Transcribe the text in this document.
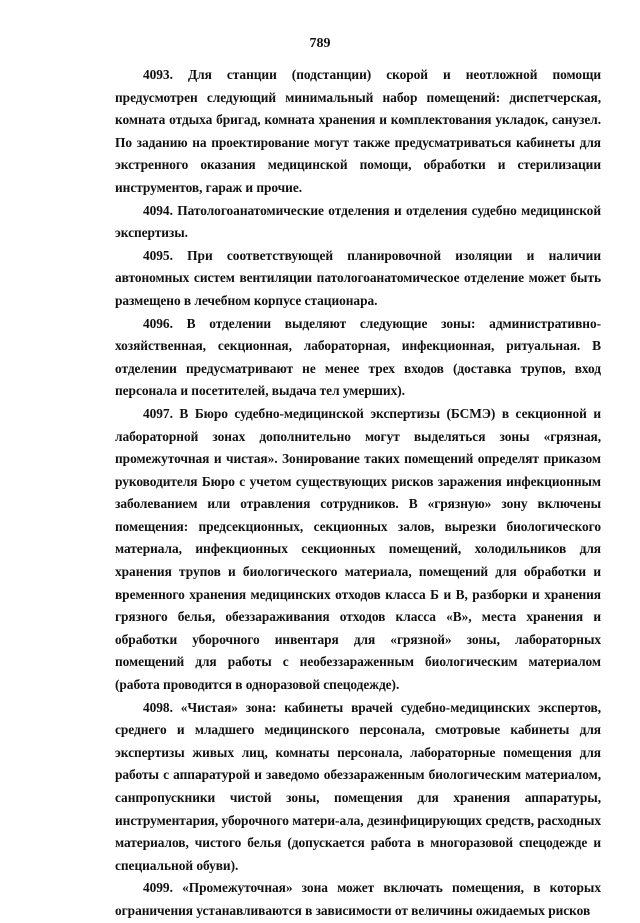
789

4093. Для станции (подстанции) скорой и неотложной помощи предусмотрен следующий минимальный набор помещений: диспетчерская, комната отдыха бригад, комната хранения и комплектования укладок, санузел. По заданию на проектирование могут также предусматриваться кабинеты для экстренного оказания медицинской помощи, обработки и стерилизации инструментов, гараж и прочие.

4094. Патологоанатомические отделения и отделения судебно медицинской экспертизы.

4095. При соответствующей планировочной изоляции и наличии автономных систем вентиляции патологоанатомическое отделение может быть размещено в лечебном корпусе стационара.

4096. В отделении выделяют следующие зоны: административно-хозяйственная, секционная, лабораторная, инфекционная, ритуальная. В отделении предусматривают не менее трех входов (доставка трупов, вход персонала и посетителей, выдача тел умерших).

4097. В Бюро судебно-медицинской экспертизы (БСМЭ) в секционной и лабораторной зонах дополнительно могут выделяться зоны «грязная, промежуточная и чистая». Зонирование таких помещений определят приказом руководителя Бюро с учетом существующих рисков заражения инфекционным заболеванием или отравления сотрудников. В «грязную» зону включены помещения: предсекционных, секционных залов, вырезки биологического материала, инфекционных секционных помещений, холодильников для хранения трупов и биологического материала, помещений для обработки и временного хранения медицинских отходов класса Б и В, разборки и хранения грязного белья, обеззараживания отходов класса «В», места хранения и обработки уборочного инвентаря для «грязной» зоны, лабораторных помещений для работы с необеззараженным биологическим материалом (работа проводится в одноразовой спецодежде).

4098. «Чистая» зона: кабинеты врачей судебно-медицинских экспертов, среднего и младшего медицинского персонала, смотровые кабинеты для экспертизы живых лиц, комнаты персонала, лабораторные помещения для работы с аппаратурой и заведомо обеззараженным биологическим материалом, санпропускники чистой зоны, помещения для хранения аппаратуры, инструментария, уборочного матери-ала, дезинфицирующих средств, расходных материалов, чистого белья (допускается работа в многоразовой спецодежде и специальной обуви).

4099. «Промежуточная» зона может включать помещения, в которых ограничения устанавливаются в зависимости от величины ожидаемых рисков
